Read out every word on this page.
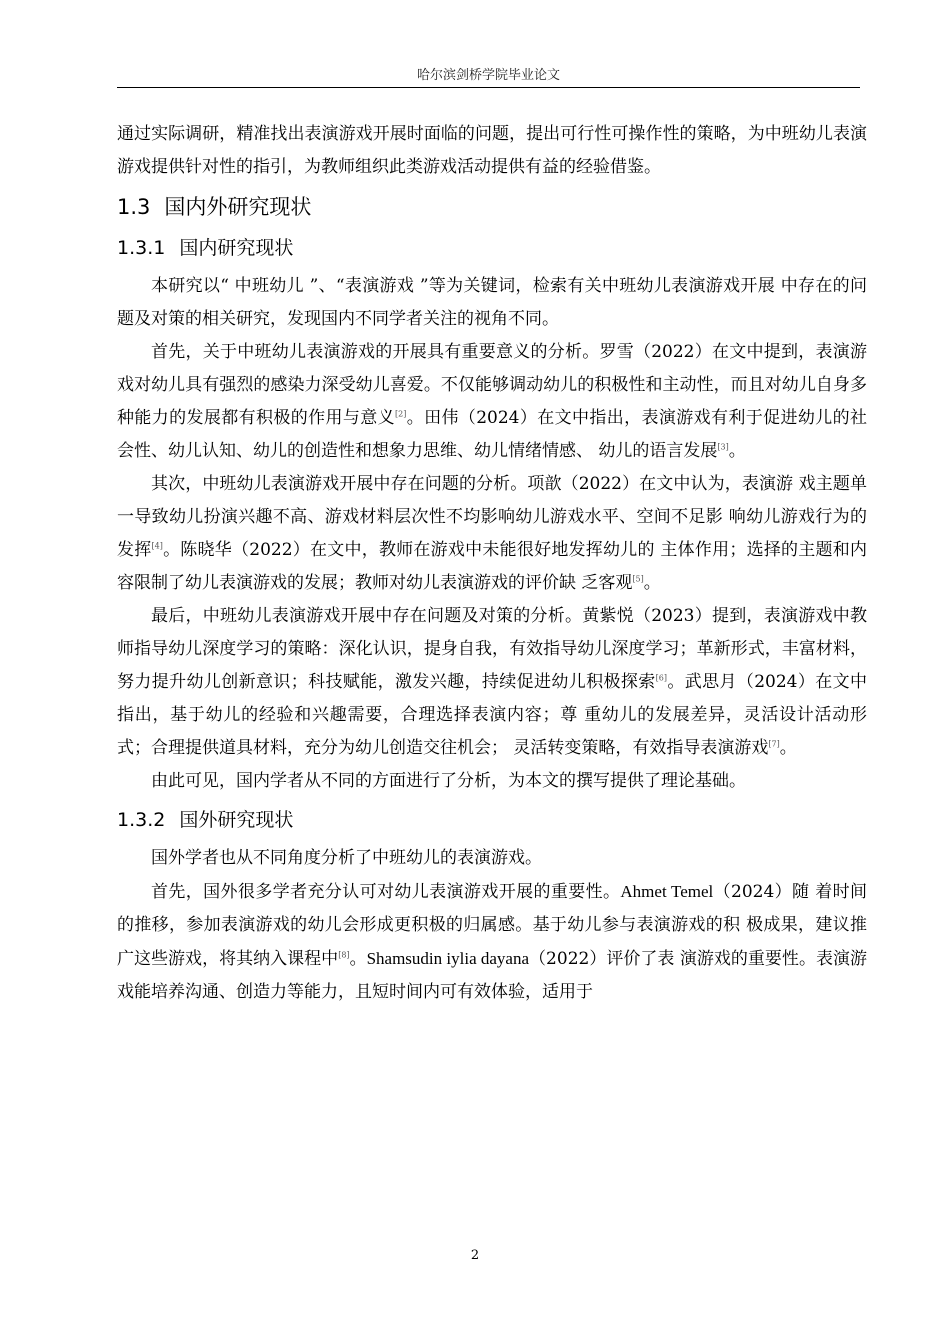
哈尔滨剑桥学院毕业论文

通过实际调研，精准找出表演游戏开展时面临的问题，提出可行性可操作性的策略，为中班幼儿表演游戏提供针对性的指引，为教师组织此类游戏活动提供有益的经验借鉴。

1.3 国内外研究现状
1.3.1 国内研究现状

本研究以“ 中班幼儿 ”、“表演游戏 ”等为关键词，检索有关中班幼儿表演游戏开展 中存在的问题及对策的相关研究，发现国内不同学者关注的视角不同。

首先，关于中班幼儿表演游戏的开展具有重要意义的分析。罗雪（2022）在文中提到，表演游戏对幼儿具有强烈的感染力深受幼儿喜爱。不仅能够调动幼儿的积极性和主动性，而且对幼儿自身多种能力的发展都有积极的作用与意义[2]。田伟（2024）在文中指出，表演游戏有利于促进幼儿的社会性、幼儿认知、幼儿的创造性和想象力思维、幼儿情绪情感、 幼儿的语言发展[3]。

其次，中班幼儿表演游戏开展中存在问题的分析。项歆（2022）在文中认为，表演游 戏主题单一导致幼儿扮演兴趣不高、游戏材料层次性不均影响幼儿游戏水平、空间不足影 响幼儿游戏行为的发挥[4]。陈晓华（2022）在文中，教师在游戏中未能很好地发挥幼儿的 主体作用；选择的主题和内容限制了幼儿表演游戏的发展；教师对幼儿表演游戏的评价缺 乏客观[5]。

最后，中班幼儿表演游戏开展中存在问题及对策的分析。黄紫悦（2023）提到，表演游戏中教师指导幼儿深度学习的策略：深化认识，提身自我，有效指导幼儿深度学习；革新形式，丰富材料，努力提升幼儿创新意识；科技赋能，激发兴趣，持续促进幼儿积极探索[6]。武思月（2024）在文中指出，基于幼儿的经验和兴趣需要，合理选择表演内容；尊 重幼儿的发展差异，灵活设计活动形式；合理提供道具材料，充分为幼儿创造交往机会； 灵活转变策略，有效指导表演游戏[7]。

由此可见，国内学者从不同的方面进行了分析，为本文的撰写提供了理论基础。

1.3.2 国外研究现状

国外学者也从不同角度分析了中班幼儿的表演游戏。

首先，国外很多学者充分认可对幼儿表演游戏开展的重要性。Ahmet Temel（2024）随 着时间的推移，参加表演游戏的幼儿会形成更积极的归属感。基于幼儿参与表演游戏的积 极成果，建议推广这些游戏，将其纳入课程中[8]。Shamsudin iylia dayana（2022）评价了表 演游戏的重要性。表演游戏能培养沟通、创造力等能力，且短时间内可有效体验，适用于

2
